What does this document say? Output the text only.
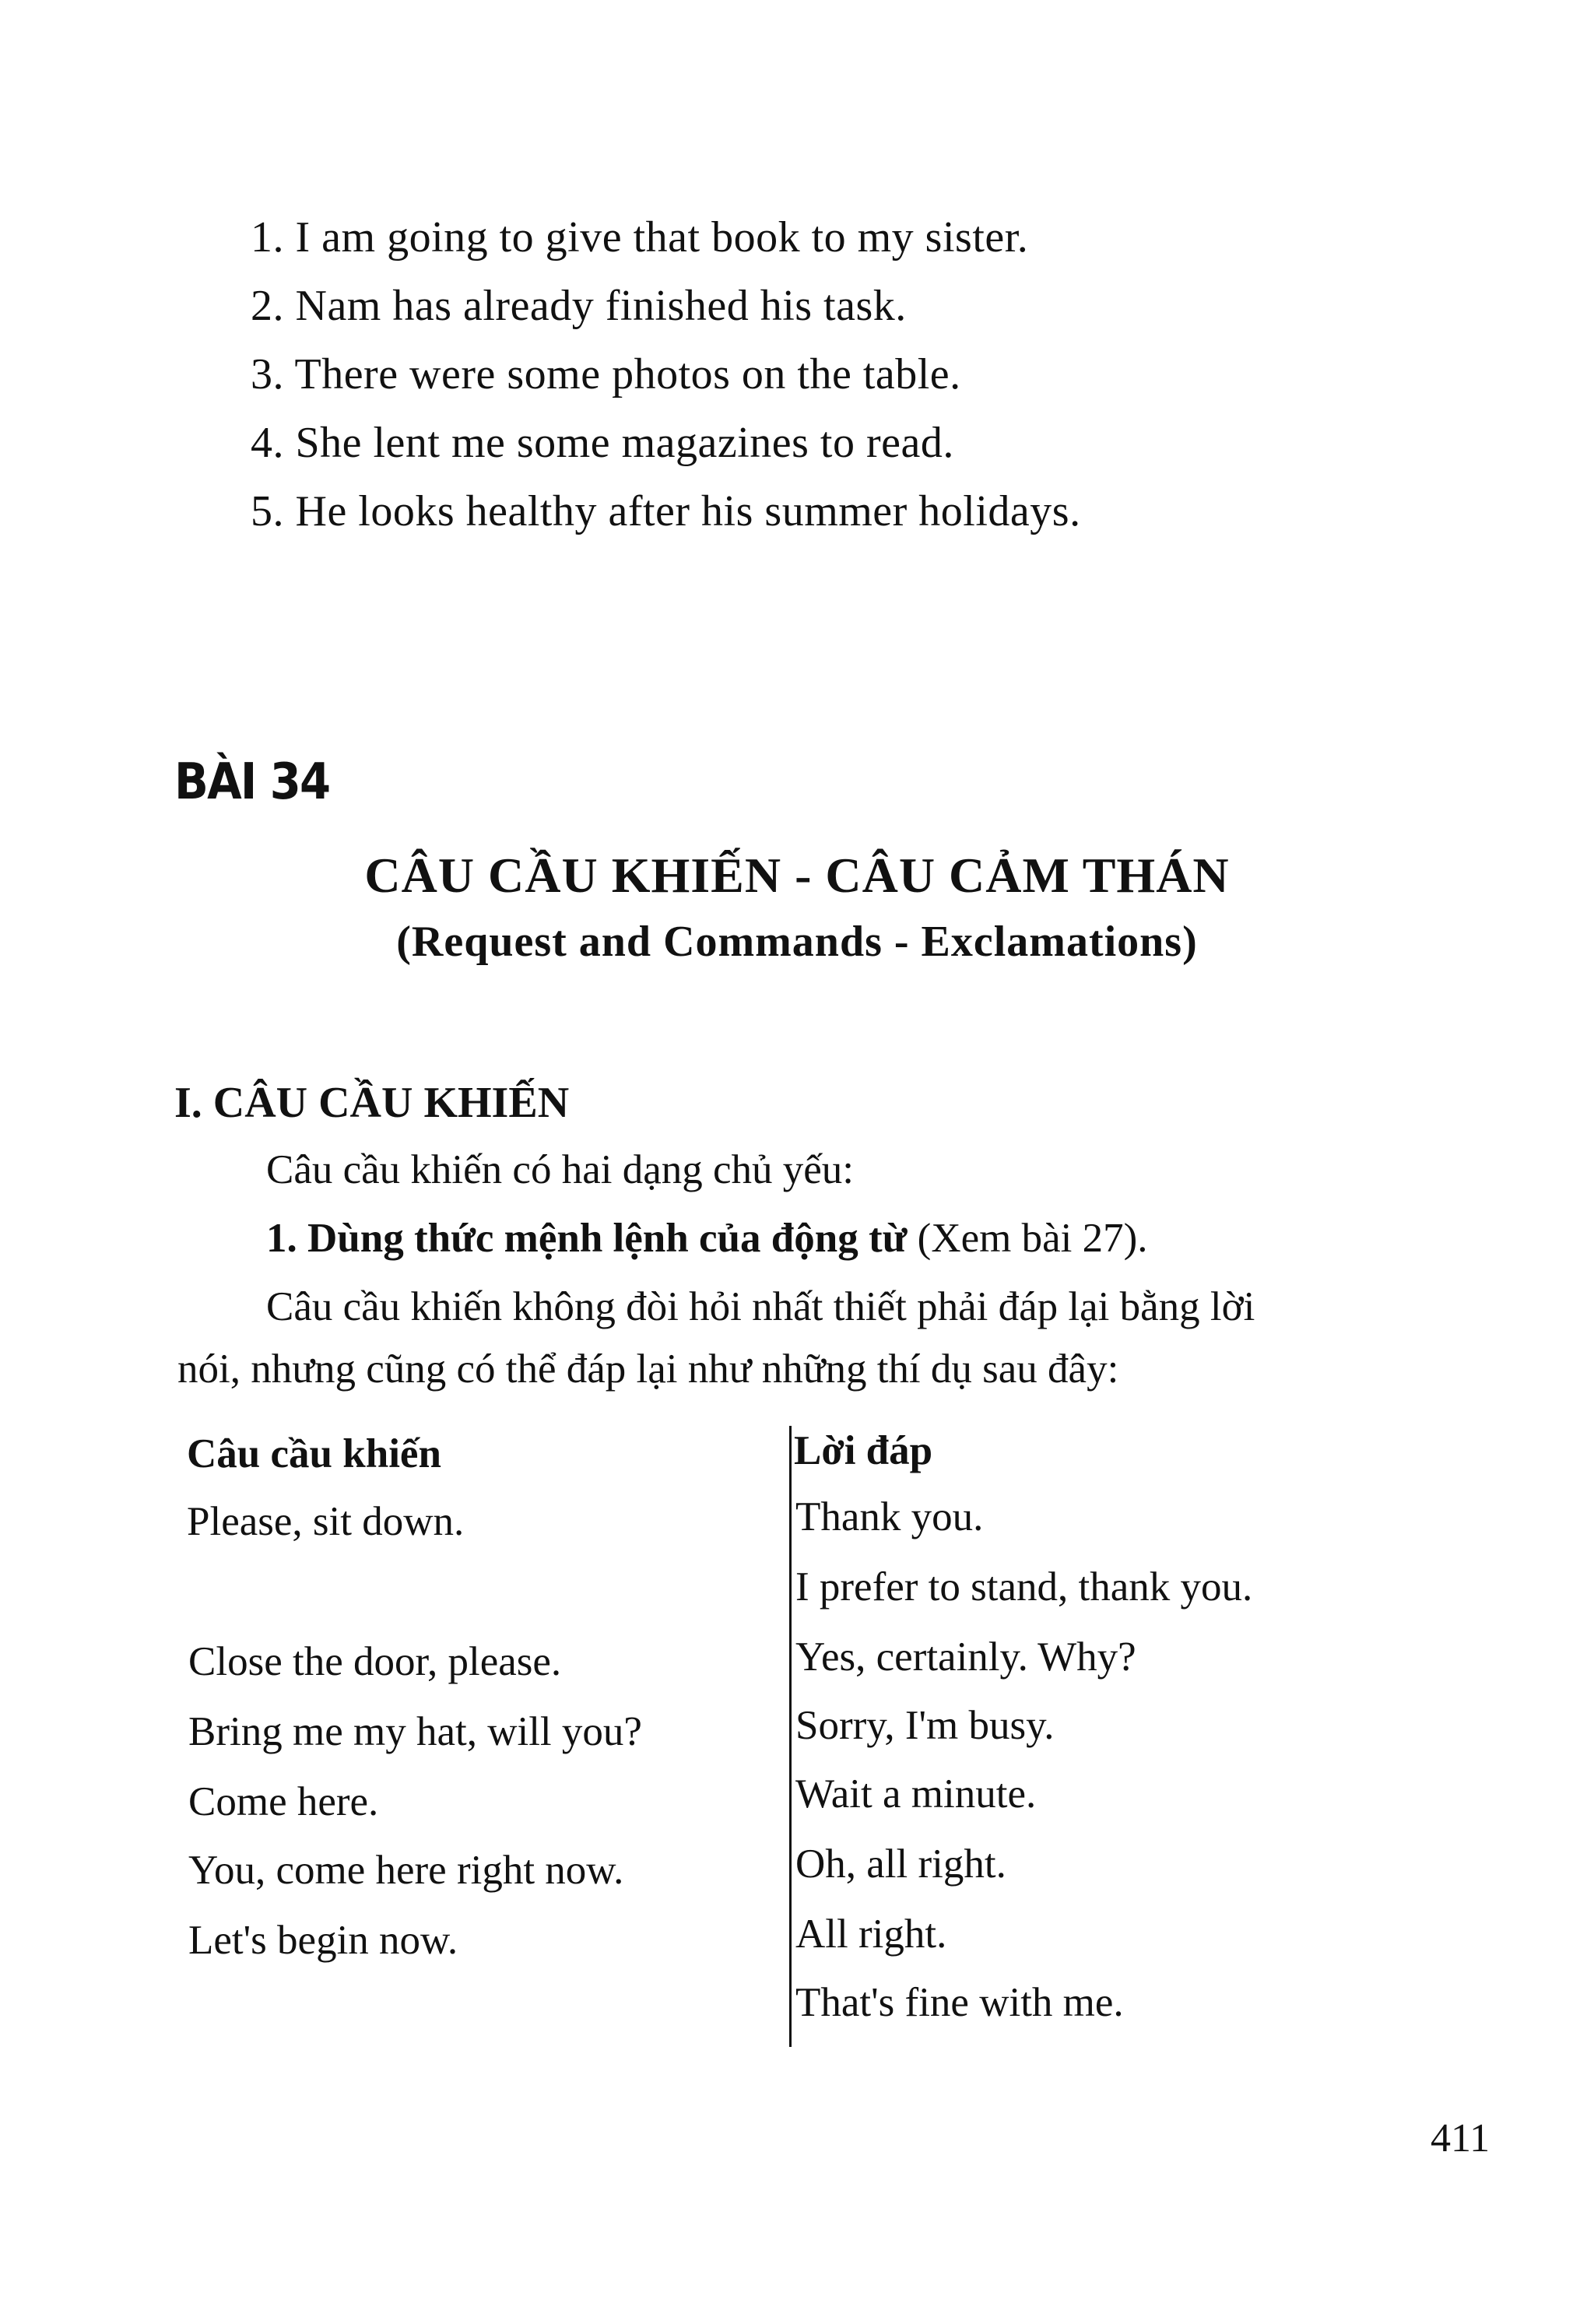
1. I am going to give that book to my sister.
2. Nam has already finished his task.
3. There were some photos on the table.
4. She lent me some magazines to read.
5. He looks healthy after his summer holidays.
BÀI 34
CÂU CẦU KHIẾN - CÂU CẢM THÁN
(Request and Commands - Exclamations)
I. CÂU CẦU KHIẾN
Câu cầu khiến có hai dạng chủ yếu:
1. Dùng thức mệnh lệnh của động từ (Xem bài 27).
Câu cầu khiến không đòi hỏi nhất thiết phải đáp lại bằng lời
nói, nhưng cũng có thể đáp lại như những thí dụ sau đây:
Câu cầu khiến	Lời đáp
Please, sit down.
Close the door, please.
Bring me my hat, will you?
Come here.
You, come here right now.
Let's begin now.
Thank you.
I prefer to stand, thank you.
Yes, certainly. Why?
Sorry, I'm busy.
Wait a minute.
Oh, all right.
All right.
That's fine with me.
411
